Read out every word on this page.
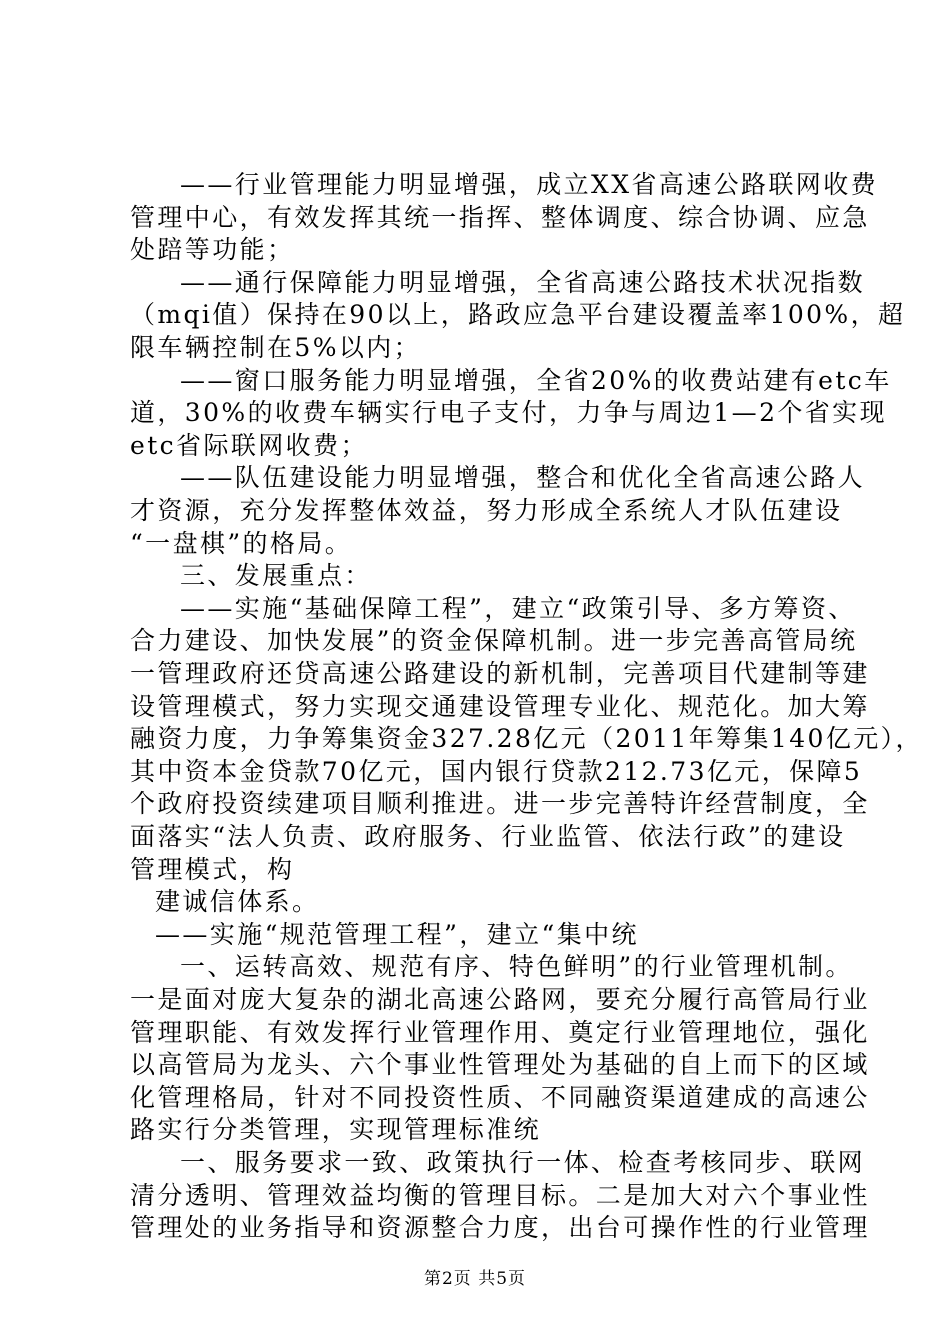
——行业管理能力明显增强，成立XX省高速公路联网收费
管理中心，有效发挥其统一指挥、整体调度、综合协调、应急
处踣等功能；
——通行保障能力明显增强，全省高速公路技术状况指数
（mqi值）保持在90以上，路政应急平台建设覆盖率100%，超
限车辆控制在5%以内；
——窗口服务能力明显增强，全省20%的收费站建有etc车
道，30%的收费车辆实行电子支付，力争与周边1—2个省实现
etc省际联网收费；
——队伍建设能力明显增强，整合和优化全省高速公路人
才资源，充分发挥整体效益，努力形成全系统人才队伍建设
“一盘棋”的格局。
三、发展重点：
——实施“基础保障工程”，建立“政策引导、多方筹资、
合力建设、加快发展”的资金保障机制。进一步完善高管局统
一管理政府还贷高速公路建设的新机制，完善项目代建制等建
设管理模式，努力实现交通建设管理专业化、规范化。加大筹
融资力度，力争筹集资金327.28亿元（2011年筹集140亿元），
其中资本金贷款70亿元，国内银行贷款212.73亿元，保障5
个政府投资续建项目顺利推进。进一步完善特许经营制度，全
面落实“法人负责、政府服务、行业监管、依法行政”的建设
管理模式，构
建诚信体系。
——实施“规范管理工程”，建立“集中统
一、运转高效、规范有序、特色鲜明”的行业管理机制。
一是面对庞大复杂的湖北高速公路网，要充分履行高管局行业
管理职能、有效发挥行业管理作用、奠定行业管理地位，强化
以高管局为龙头、六个事业性管理处为基础的自上而下的区域
化管理格局，针对不同投资性质、不同融资渠道建成的高速公
路实行分类管理，实现管理标准统
第2页 共5页
一、服务要求一致、政策执行一体、检查考核同步、联网
清分透明、管理效益均衡的管理目标。二是加大对六个事业性
管理处的业务指导和资源整合力度，出台可操作性的行业管理
